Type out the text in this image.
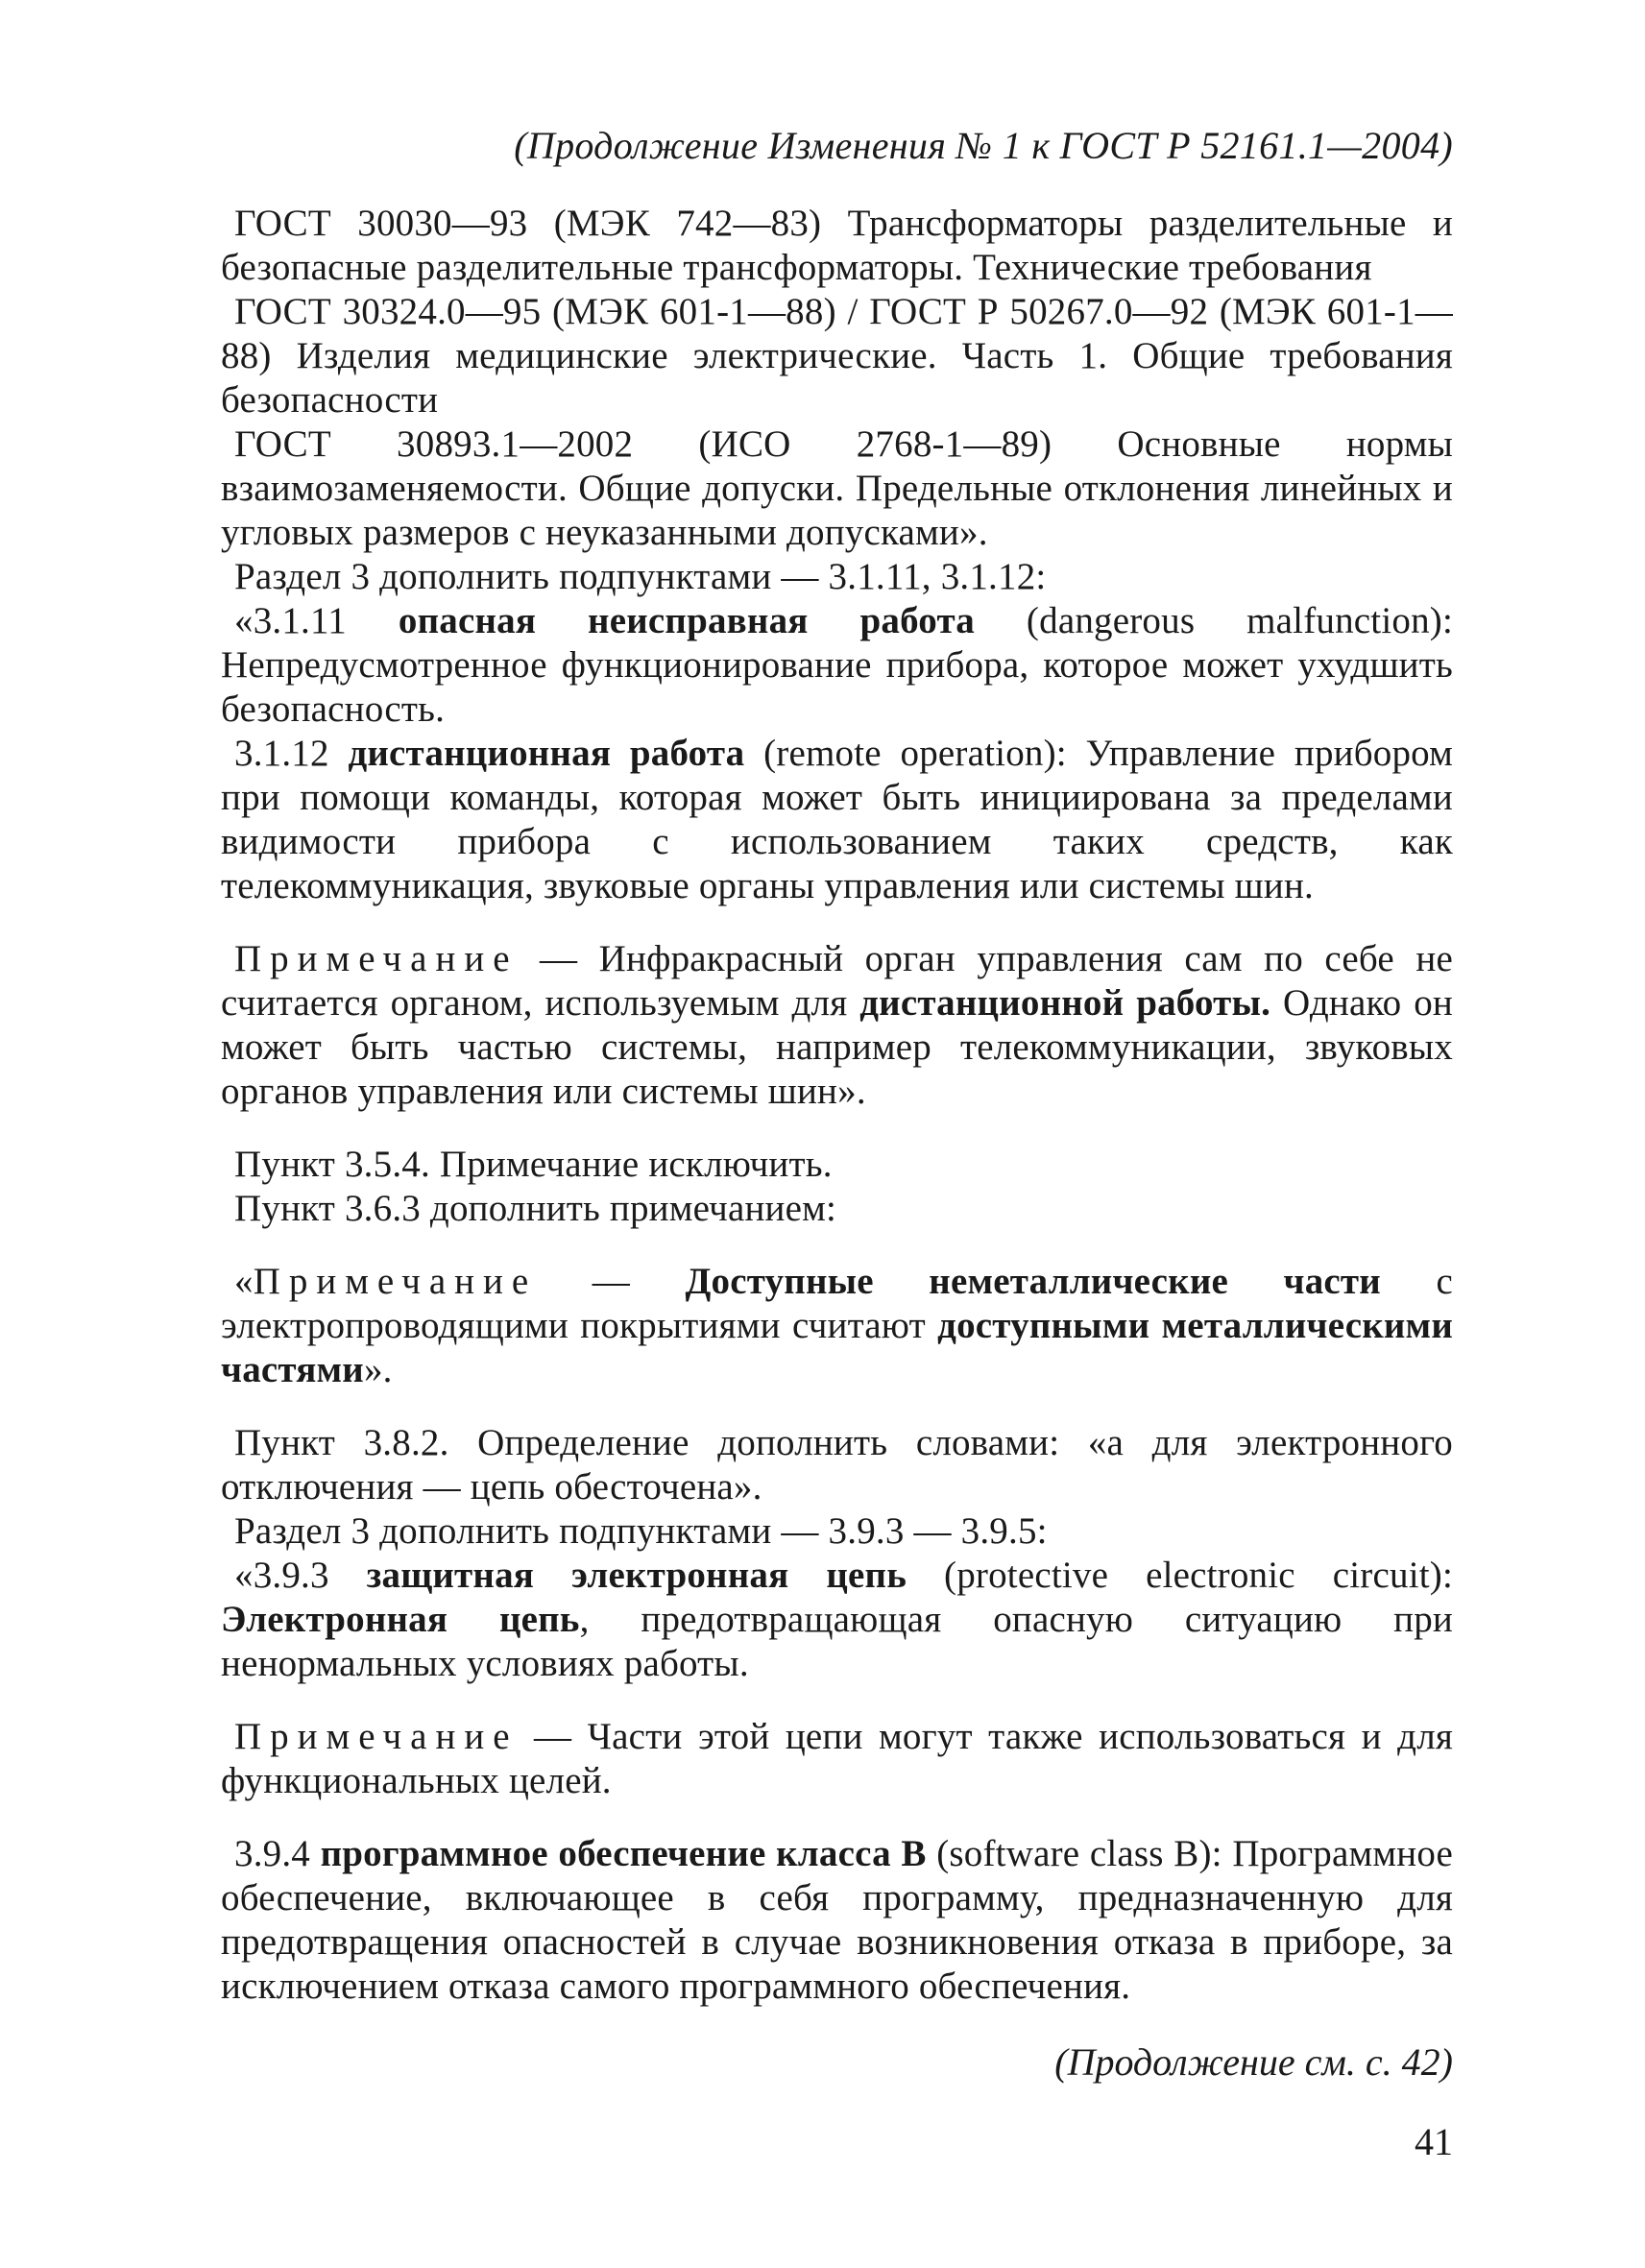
(Продолжение Изменения № 1 к ГОСТ Р 52161.1—2004)

ГОСТ 30030—93 (МЭК 742—83) Трансформаторы разделительные и безопасные разделительные трансформаторы. Технические требования

ГОСТ 30324.0—95 (МЭК 601-1—88) / ГОСТ Р 50267.0—92 (МЭК 601-1—88) Изделия медицинские электрические. Часть 1. Общие требования безопасности

ГОСТ 30893.1—2002 (ИСО 2768-1—89) Основные нормы взаимозаменяемости. Общие допуски. Предельные отклонения линейных и угловых размеров с неуказанными допусками».

Раздел 3 дополнить подпунктами — 3.1.11, 3.1.12:

«3.1.11 опасная неисправная работа (dangerous malfunction): Непредусмотренное функционирование прибора, которое может ухудшить безопасность.

3.1.12 дистанционная работа (remote operation): Управление прибором при помощи команды, которая может быть инициирована за пределами видимости прибора с использованием таких средств, как телекоммуникация, звуковые органы управления или системы шин.

Примечание — Инфракрасный орган управления сам по себе не считается органом, используемым для дистанционной работы. Однако он может быть частью системы, например телекоммуникации, звуковых органов управления или системы шин».

Пункт 3.5.4. Примечание исключить.

Пункт 3.6.3 дополнить примечанием:

«Примечание — Доступные неметаллические части с электропроводящими покрытиями считают доступными металлическими частями».

Пункт 3.8.2. Определение дополнить словами: «а для электронного отключения — цепь обесточена».

Раздел 3 дополнить подпунктами — 3.9.3 — 3.9.5:

«3.9.3 защитная электронная цепь (protective electronic circuit): Электронная цепь, предотвращающая опасную ситуацию при ненормальных условиях работы.

Примечание — Части этой цепи могут также использоваться и для функциональных целей.

3.9.4 программное обеспечение класса В (software class B): Программное обеспечение, включающее в себя программу, предназначенную для предотвращения опасностей в случае возникновения отказа в приборе, за исключением отказа самого программного обеспечения.

(Продолжение см. с. 42)
41
